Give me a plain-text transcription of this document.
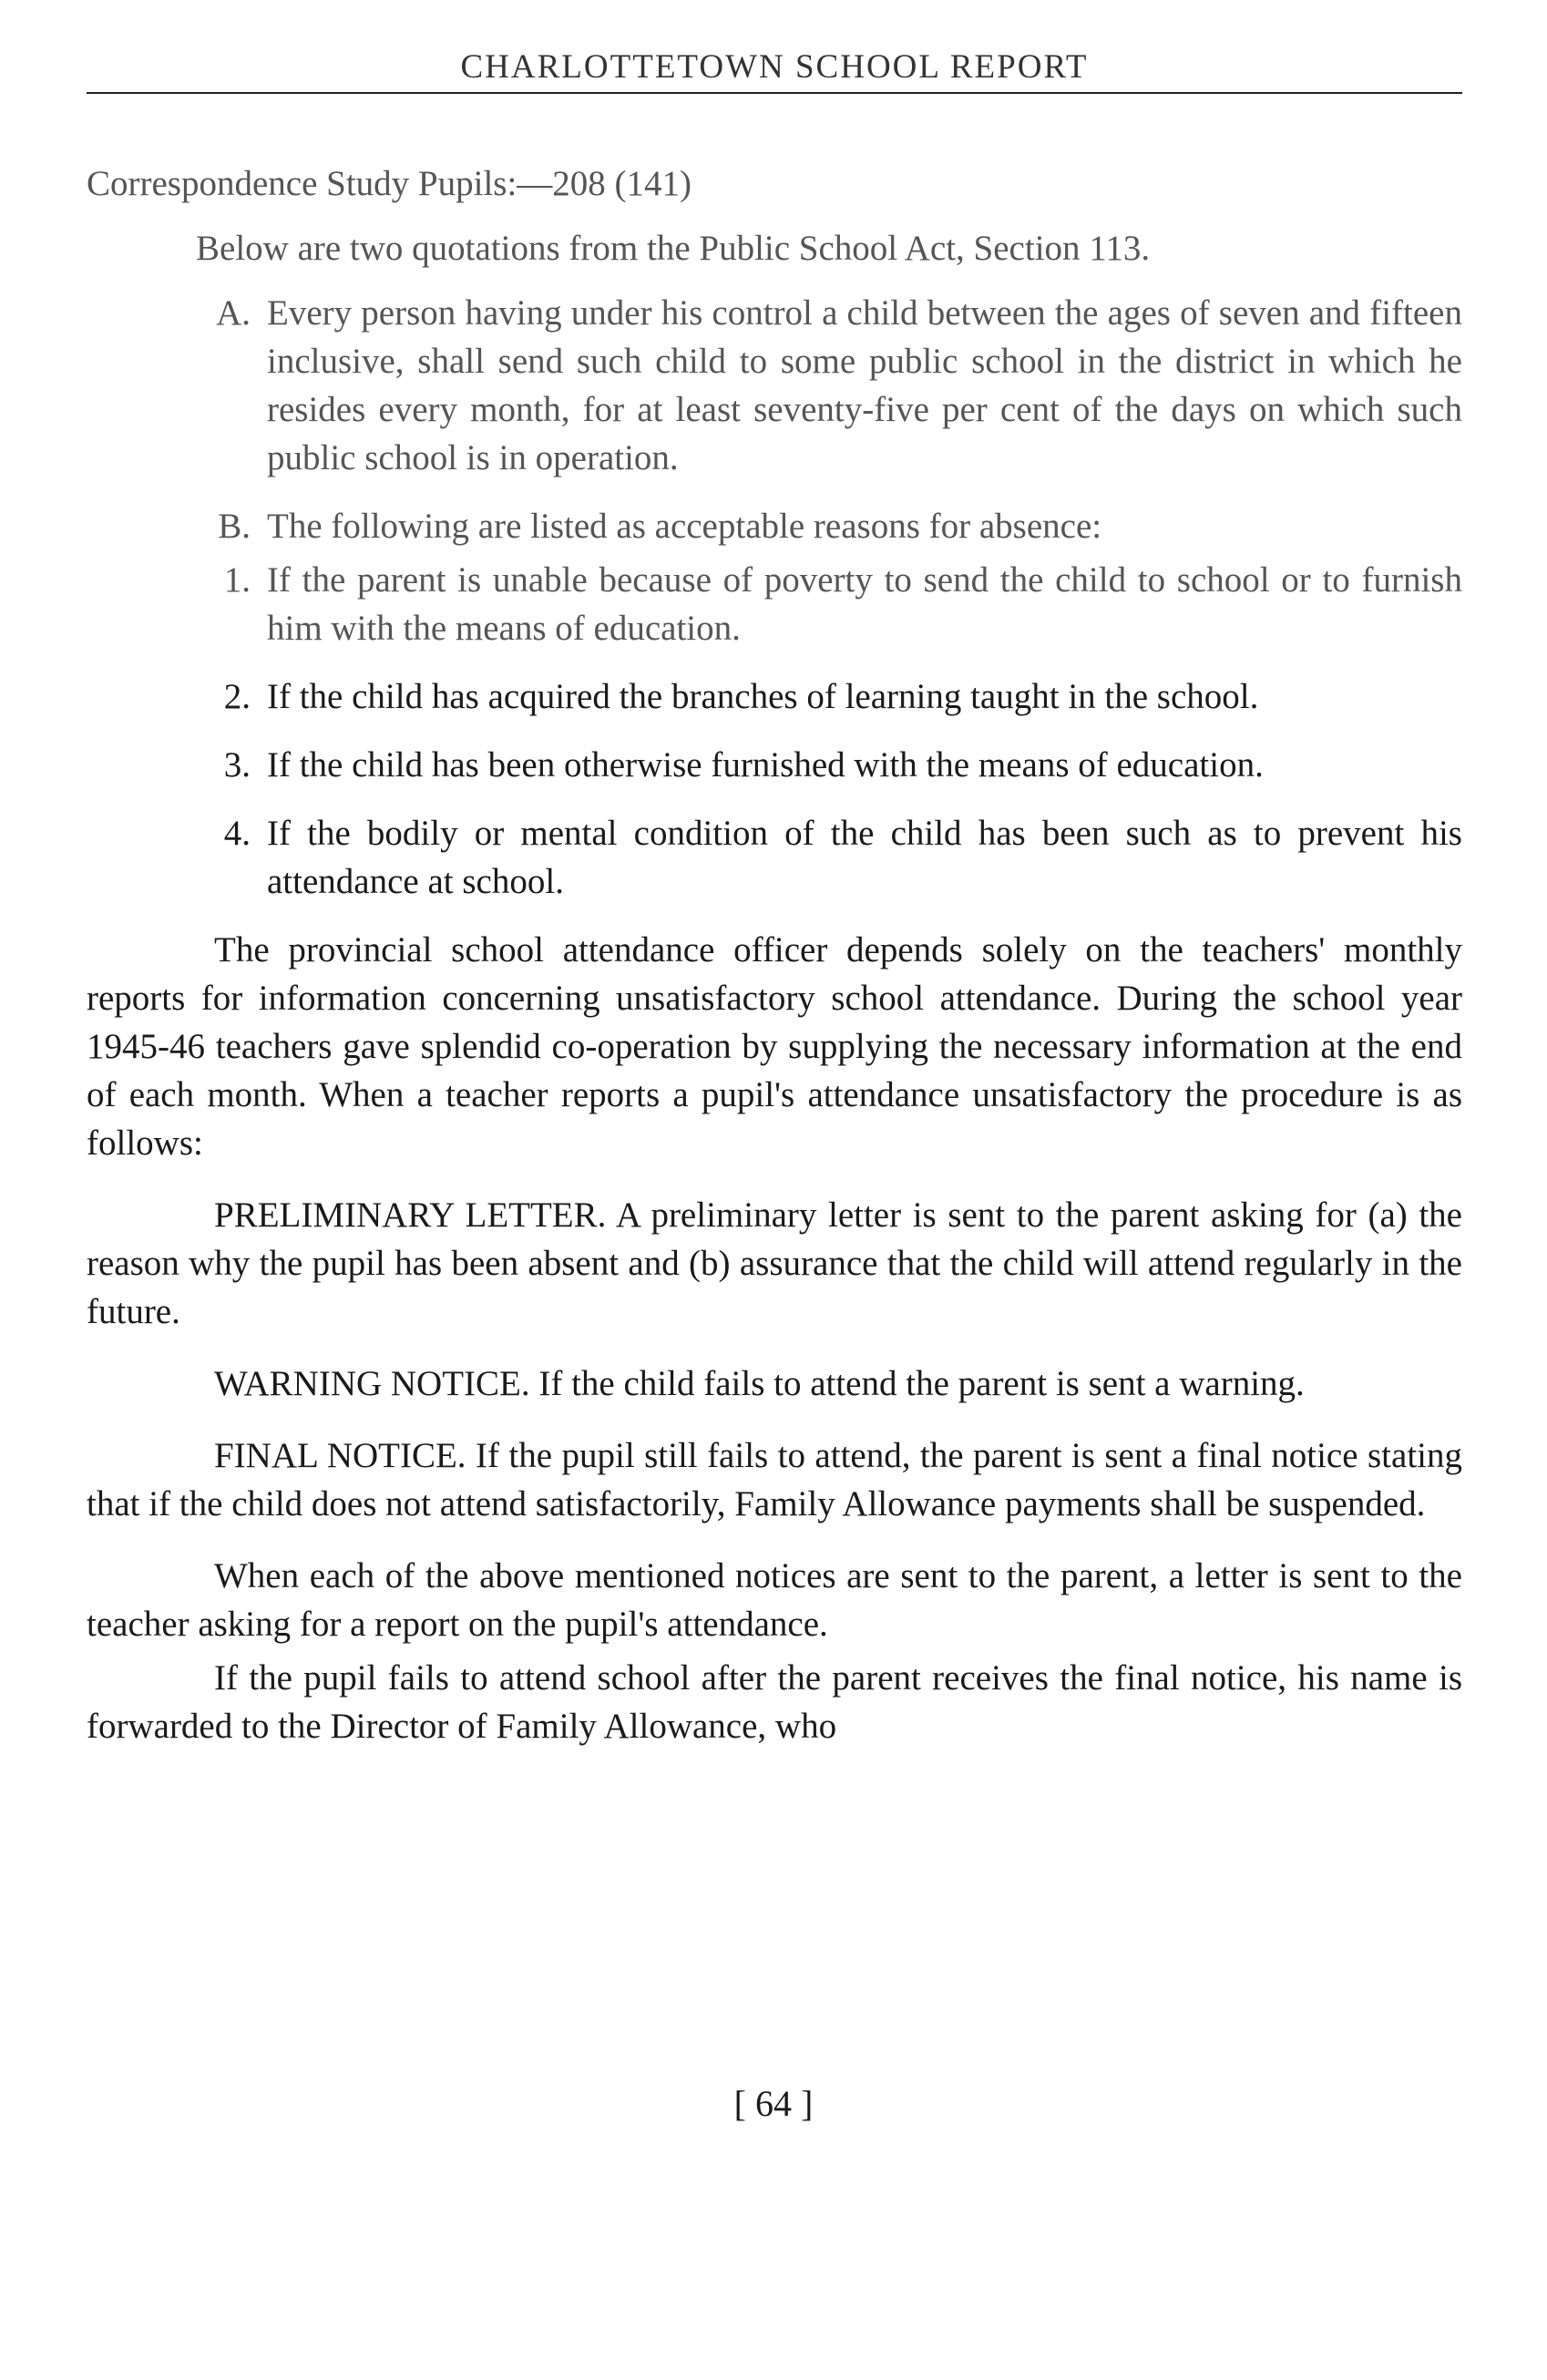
CHARLOTTETOWN SCHOOL REPORT

Correspondence Study Pupils:—208 (141)

Below are two quotations from the Public School Act, Section 113.

A. Every person having under his control a child between the ages of seven and fifteen inclusive, shall send such child to some public school in the district in which he resides every month, for at least seventy-five per cent of the days on which such public school is in operation.
B. The following are listed as acceptable reasons for absence:
1. If the parent is unable because of poverty to send the child to school or to furnish him with the means of education.
2. If the child has acquired the branches of learning taught in the school.
3. If the child has been otherwise furnished with the means of education.
4. If the bodily or mental condition of the child has been such as to prevent his attendance at school.

The provincial school attendance officer depends solely on the teachers' monthly reports for information concerning unsatisfactory school attendance. During the school year 1945-46 teachers gave splendid co-operation by supplying the necessary information at the end of each month. When a teacher reports a pupil's attendance unsatisfactory the procedure is as follows:

PRELIMINARY LETTER. A preliminary letter is sent to the parent asking for (a) the reason why the pupil has been absent and (b) assurance that the child will attend regularly in the future.

WARNING NOTICE. If the child fails to attend the parent is sent a warning.

FINAL NOTICE. If the pupil still fails to attend, the parent is sent a final notice stating that if the child does not attend satisfactorily, Family Allowance payments shall be suspended.

When each of the above mentioned notices are sent to the parent, a letter is sent to the teacher asking for a report on the pupil's attendance.

If the pupil fails to attend school after the parent receives the final notice, his name is forwarded to the Director of Family Allowance, who

[ 64 ]
